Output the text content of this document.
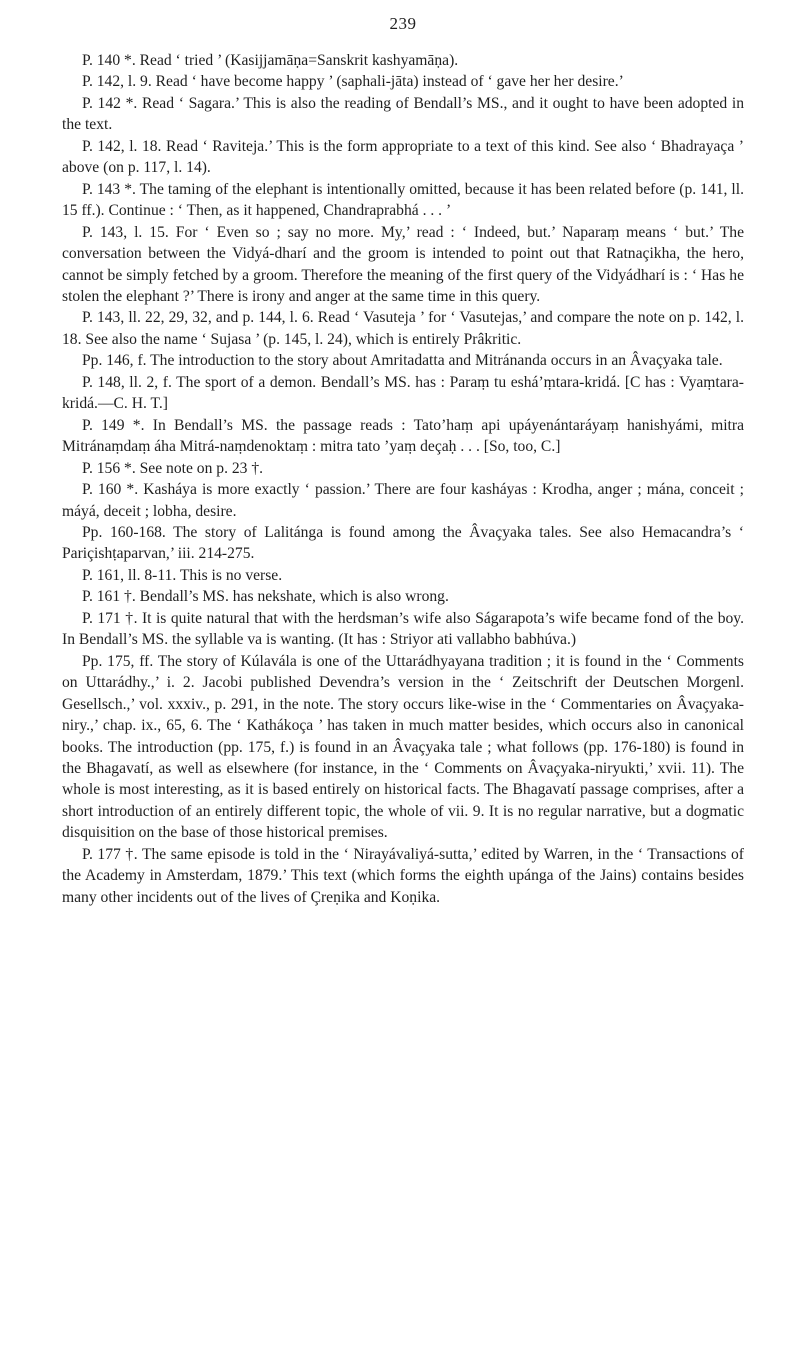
239

P. 140 *. Read ‘ tried ’ (Kasijjamāṇa=Sanskrit kashyamāṇa).

P. 142, l. 9. Read ‘ have become happy ’ (saphali-jāta) instead of ‘ gave her her desire.’

P. 142 *. Read ‘ Sagara.’ This is also the reading of Bendall’s MS., and it ought to have been adopted in the text.

P. 142, l. 18. Read ‘ Raviteja.’ This is the form appropriate to a text of this kind. See also ‘ Bhadrayaça ’ above (on p. 117, l. 14).

P. 143 *. The taming of the elephant is intentionally omitted, because it has been related before (p. 141, ll. 15 ff.). Continue : ‘ Then, as it happened, Chandraprabhá . . . ’

P. 143, l. 15. For ‘ Even so ; say no more. My,’ read : ‘ Indeed, but.’ Naparaṃ means ‘ but.’ The conversation between the Vidyá-dharí and the groom is intended to point out that Ratnaçikha, the hero, cannot be simply fetched by a groom. Therefore the meaning of the first query of the Vidyádharí is : ‘ Has he stolen the elephant ?’ There is irony and anger at the same time in this query.

P. 143, ll. 22, 29, 32, and p. 144, l. 6. Read ‘ Vasuteja ’ for ‘ Vasutejas,’ and compare the note on p. 142, l. 18. See also the name ‘ Sujasa ’ (p. 145, l. 24), which is entirely Prâkritic.

Pp. 146, f. The introduction to the story about Amritadatta and Mitránanda occurs in an Âvaçyaka tale.

P. 148, ll. 2, f. The sport of a demon. Bendall’s MS. has : Paraṃ tu eshá’ṃtara-kridá. [C has : Vyaṃtara-kridá.—C. H. T.]

P. 149 *. In Bendall’s MS. the passage reads : Tato’haṃ api upáyenántaráyaṃ hanishyámi, mitra Mitránaṃdaṃ áha Mitrá-naṃdenoktaṃ : mitra tato ’yaṃ deçaḥ . . . [So, too, C.]

P. 156 *. See note on p. 23 †.

P. 160 *. Kasháya is more exactly ‘ passion.’ There are four kasháyas : Krodha, anger ; mána, conceit ; máyá, deceit ; lobha, desire.

Pp. 160-168. The story of Lalitánga is found among the Âvaçyaka tales. See also Hemacandra’s ‘ Pariçishṭaparvan,’ iii. 214-275.

P. 161, ll. 8-11. This is no verse.

P. 161 †. Bendall’s MS. has nekshate, which is also wrong.

P. 171 †. It is quite natural that with the herdsman’s wife also Ságarapota’s wife became fond of the boy. In Bendall’s MS. the syllable va is wanting. (It has : Striyor ati vallabho babhúva.)

Pp. 175, ff. The story of Kúlavála is one of the Uttarádhyayana tradition ; it is found in the ‘ Comments on Uttarádhy.,’ i. 2. Jacobi published Devendra’s version in the ‘ Zeitschrift der Deutschen Morgenl. Gesellsch.,’ vol. xxxiv., p. 291, in the note. The story occurs like-wise in the ‘ Commentaries on Âvaçyaka-niry.,’ chap. ix., 65, 6. The ‘ Kathákoça ’ has taken in much matter besides, which occurs also in canonical books. The introduction (pp. 175, f.) is found in an Âvaçyaka tale ; what follows (pp. 176-180) is found in the Bhagavatí, as well as elsewhere (for instance, in the ‘ Comments on Âvaçyaka-niryukti,’ xvii. 11). The whole is most interesting, as it is based entirely on historical facts. The Bhagavatí passage comprises, after a short introduction of an entirely different topic, the whole of vii. 9. It is no regular narrative, but a dogmatic disquisition on the base of those historical premises.

P. 177 †. The same episode is told in the ‘ Nirayávaliyá-sutta,’ edited by Warren, in the ‘ Transactions of the Academy in Amsterdam, 1879.’ This text (which forms the eighth upánga of the Jains) contains besides many other incidents out of the lives of Çreṇika and Koṇika.
